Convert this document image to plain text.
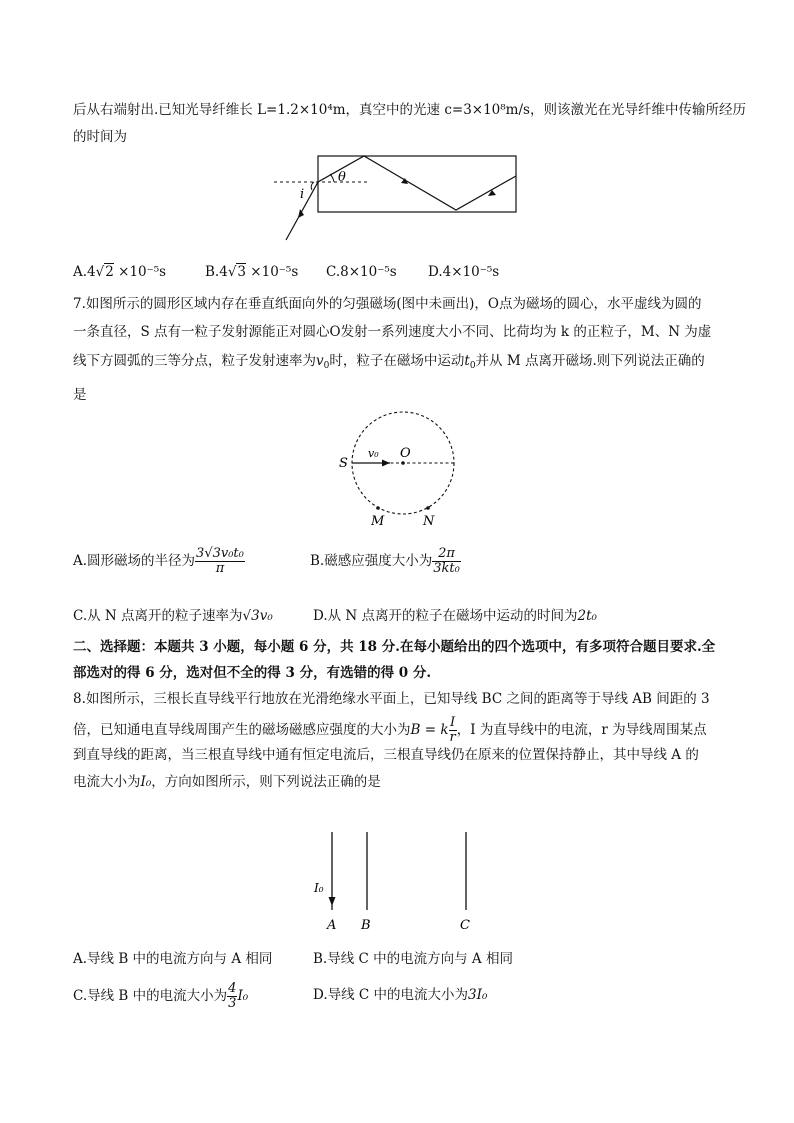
后从右端射出.已知光导纤维长 L=1.2×10⁴m，真空中的光速 c=3×10⁸m/s，则该激光在光导纤维中传输所经历
的时间为
θ
i
A.4√2 ×10⁻⁵s	B.4√3 ×10⁻⁵s C.8×10⁻⁵s D.4×10⁻⁵s
7.如图所示的圆形区域内存在垂直纸面向外的匀强磁场(图中未画出)，O点为磁场的圆心，水平虚线为圆的
一条直径，S 点有一粒子发射源能正对圆心O发射一系列速度大小不同、比荷均为 k 的正粒子，M、N 为虚
线下方圆弧的三等分点，粒子发射速率为$v_0$时，粒子在磁场中运动$t_0$并从 M 点离开磁场.则下列说法正确的
是
S
v₀ O
M	N
A.圆形磁场的半径为 $\frac{\text{3√3v₀t₀}}{\pi}$	B.磁感应强度大小为 $\frac{2\pi}{\text{3kt₀}}$
C.从 N 点离开的粒子速率为√3v₀	D.从 N 点离开的粒子在磁场中运动的时间为2t₀
二、选择题：本题共 3 小题，每小题 6 分，共 18 分.在每小题给出的四个选项中，有多项符合题目要求.全
部选对的得 6 分，选对但不全的得 3 分，有选错的得 0 分.
8.如图所示，三根长直导线平行地放在光滑绝缘水平面上，已知导线 BC 之间的距离等于导线 AB 间距的 3
倍，已知通电直导线周围产生的磁场磁感应强度的大小为B = k $\frac{I}{r}$ ，I 为直导线中的电流，r 为导线周围某点
到直导线的距离，当三根直导线中通有恒定电流后，三根直导线仍在原来的位置保持静止，其中导线 A 的
电流大小为I₀，方向如图所示，则下列说法正确的是
I₀
A B	C
A.导线 B 中的电流方向与 A 相同	B.导线 C 中的电流方向与 A 相同
C.导线 B 中的电流大小为 $\frac{4}{3} I_0$	D.导线 C 中的电流大小为3I₀
